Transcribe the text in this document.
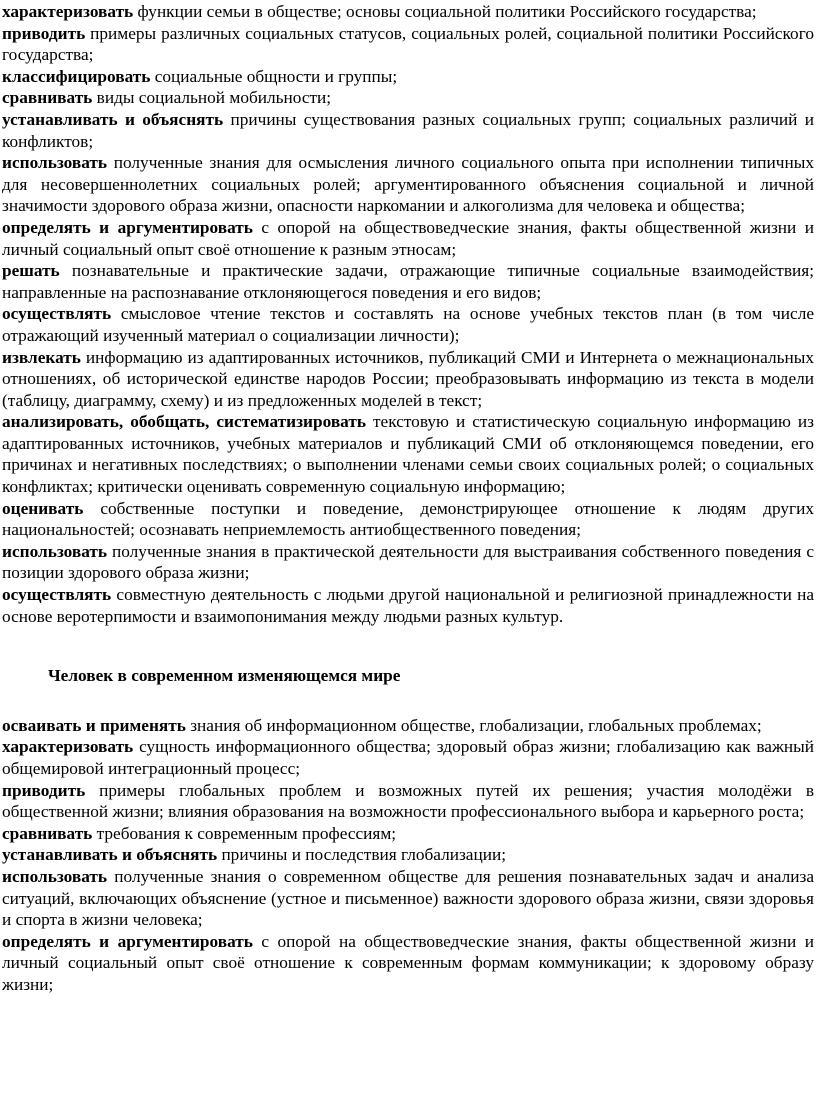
характеризовать функции семьи в обществе; основы социальной политики Российского государства;

приводить примеры различных социальных статусов, социальных ролей, социальной политики Российского государства;

классифицировать социальные общности и группы;

сравнивать виды социальной мобильности;

устанавливать и объяснять причины существования разных социальных групп; социальных различий и конфликтов;

использовать полученные знания для осмысления личного социального опыта при исполнении типичных для несовершеннолетних социальных ролей; аргументированного объяснения социальной и личной значимости здорового образа жизни, опасности наркомании и алкоголизма для человека и общества;

определять и аргументировать с опорой на обществоведческие знания, факты общественной жизни и личный социальный опыт своё отношение к разным этносам;

решать познавательные и практические задачи, отражающие типичные социальные взаимодействия; направленные на распознавание отклоняющегося поведения и его видов;

осуществлять смысловое чтение текстов и составлять на основе учебных текстов план (в том числе отражающий изученный материал о социализации личности);

извлекать информацию из адаптированных источников, публикаций СМИ и Интернета о межнациональных отношениях, об исторической единстве народов России; преобразовывать информацию из текста в модели (таблицу, диаграмму, схему) и из предложенных моделей в текст;

анализировать, обобщать, систематизировать текстовую и статистическую социальную информацию из адаптированных источников, учебных материалов и публикаций СМИ об отклоняющемся поведении, его причинах и негативных последствиях; о выполнении членами семьи своих социальных ролей; о социальных конфликтах; критически оценивать современную социальную информацию;

оценивать собственные поступки и поведение, демонстрирующее отношение к людям других национальностей; осознавать неприемлемость антиобщественного поведения;

использовать полученные знания в практической деятельности для выстраивания собственного поведения с позиции здорового образа жизни;

осуществлять совместную деятельность с людьми другой национальной и религиозной принадлежности на основе веротерпимости и взаимопонимания между людьми разных культур.

Человек в современном изменяющемся мире

осваивать и применять знания об информационном обществе, глобализации, глобальных проблемах;

характеризовать сущность информационного общества; здоровый образ жизни; глобализацию как важный общемировой интеграционный процесс;

приводить примеры глобальных проблем и возможных путей их решения; участия молодёжи в общественной жизни; влияния образования на возможности профессионального выбора и карьерного роста;

сравнивать требования к современным профессиям;

устанавливать и объяснять причины и последствия глобализации;

использовать полученные знания о современном обществе для решения познавательных задач и анализа ситуаций, включающих объяснение (устное и письменное) важности здорового образа жизни, связи здоровья и спорта в жизни человека;

определять и аргументировать с опорой на обществоведческие знания, факты общественной жизни и личный социальный опыт своё отношение к современным формам коммуникации; к здоровому образу жизни;
